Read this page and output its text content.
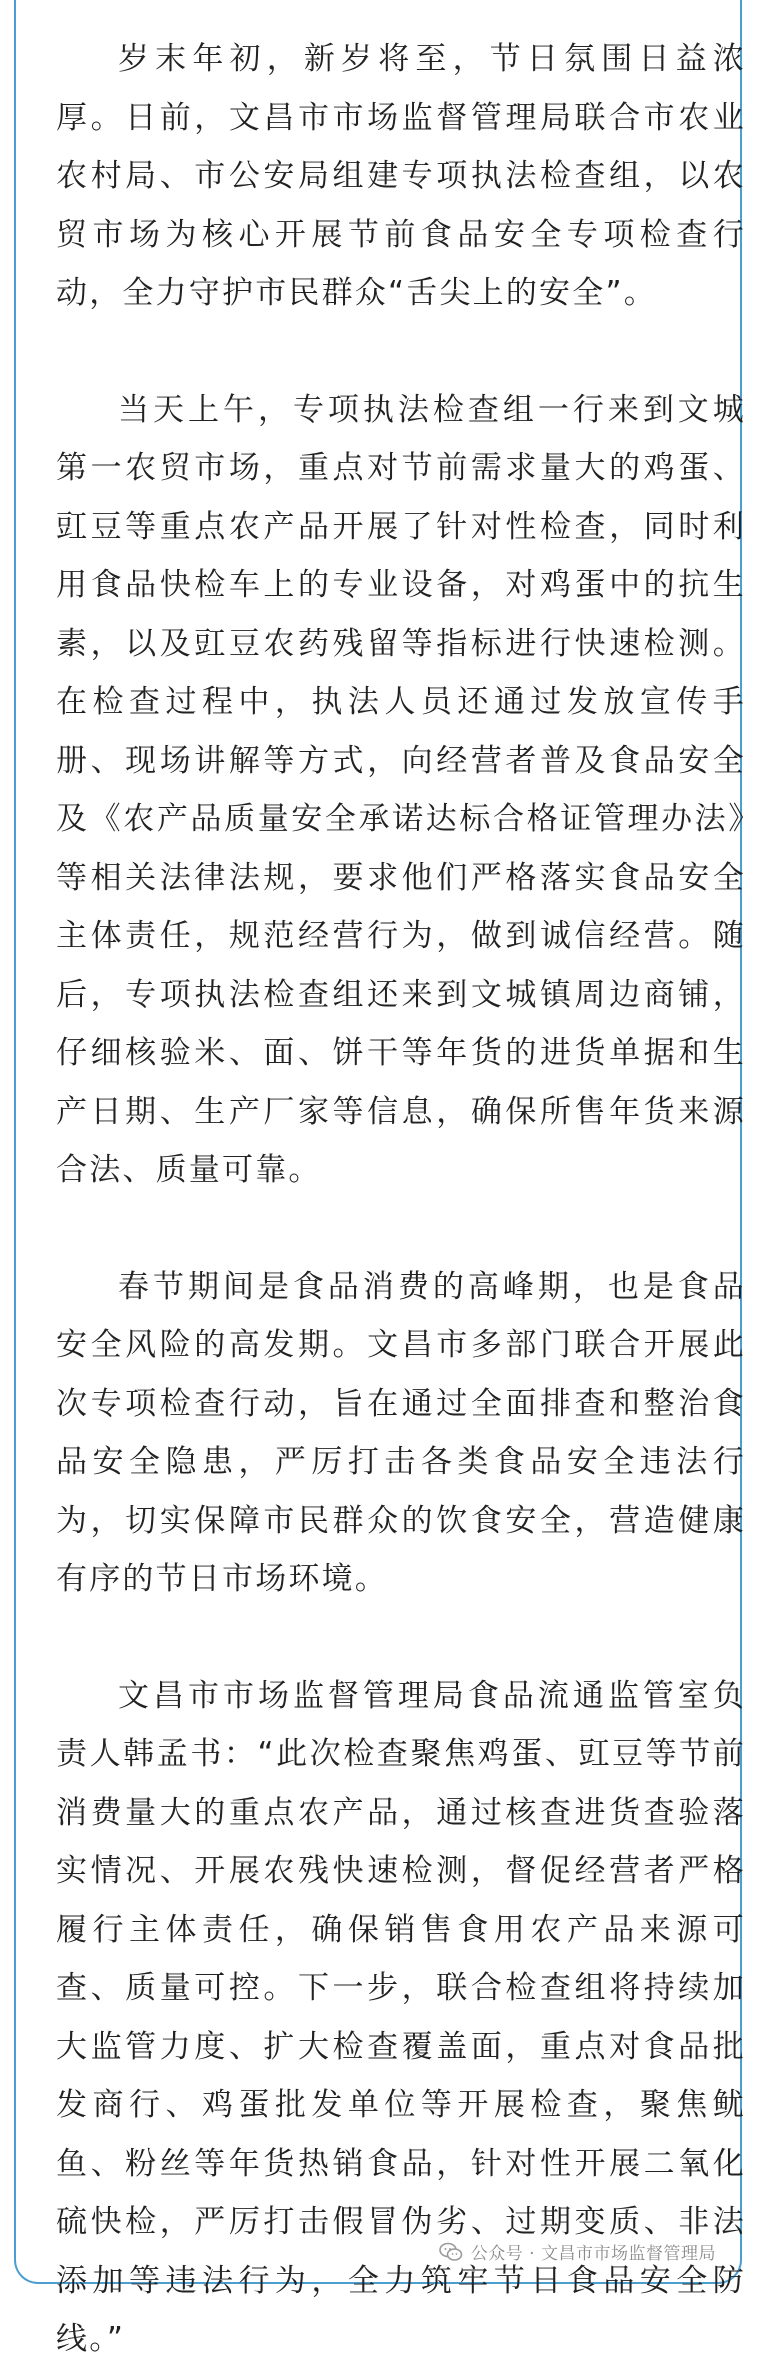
岁末年初，新岁将至，节日氛围日益浓厚。日前，文昌市市场监督管理局联合市农业农村局、市公安局组建专项执法检查组，以农贸市场为核心开展节前食品安全专项检查行动，全力守护市民群众“舌尖上的安全”。

当天上午，专项执法检查组一行来到文城第一农贸市场，重点对节前需求量大的鸡蛋、豇豆等重点农产品开展了针对性检查，同时利用食品快检车上的专业设备，对鸡蛋中的抗生素，以及豇豆农药残留等指标进行快速检测。在检查过程中，执法人员还通过发放宣传手册、现场讲解等方式，向经营者普及食品安全及《农产品质量安全承诺达标合格证管理办法》等相关法律法规，要求他们严格落实食品安全主体责任，规范经营行为，做到诚信经营。随后，专项执法检查组还来到文城镇周边商铺，仔细核验米、面、饼干等年货的进货单据和生产日期、生产厂家等信息，确保所售年货来源合法、质量可靠。

春节期间是食品消费的高峰期，也是食品安全风险的高发期。文昌市多部门联合开展此次专项检查行动，旨在通过全面排查和整治食品安全隐患，严厉打击各类食品安全违法行为，切实保障市民群众的饮食安全，营造健康有序的节日市场环境。

文昌市市场监督管理局食品流通监管室负责人韩孟书：“此次检查聚焦鸡蛋、豇豆等节前消费量大的重点农产品，通过核查进货查验落实情况、开展农残快速检测，督促经营者严格履行主体责任，确保销售食用农产品来源可查、质量可控。下一步，联合检查组将持续加大监管力度、扩大检查覆盖面，重点对食品批发商行、鸡蛋批发单位等开展检查，聚焦鱿鱼、粉丝等年货热销食品，针对性开展二氧化硫快检，严厉打击假冒伪劣、过期变质、非法添加等违法行为，全力筑牢节日食品安全防线。”

公众号 · 文昌市市场监督管理局
